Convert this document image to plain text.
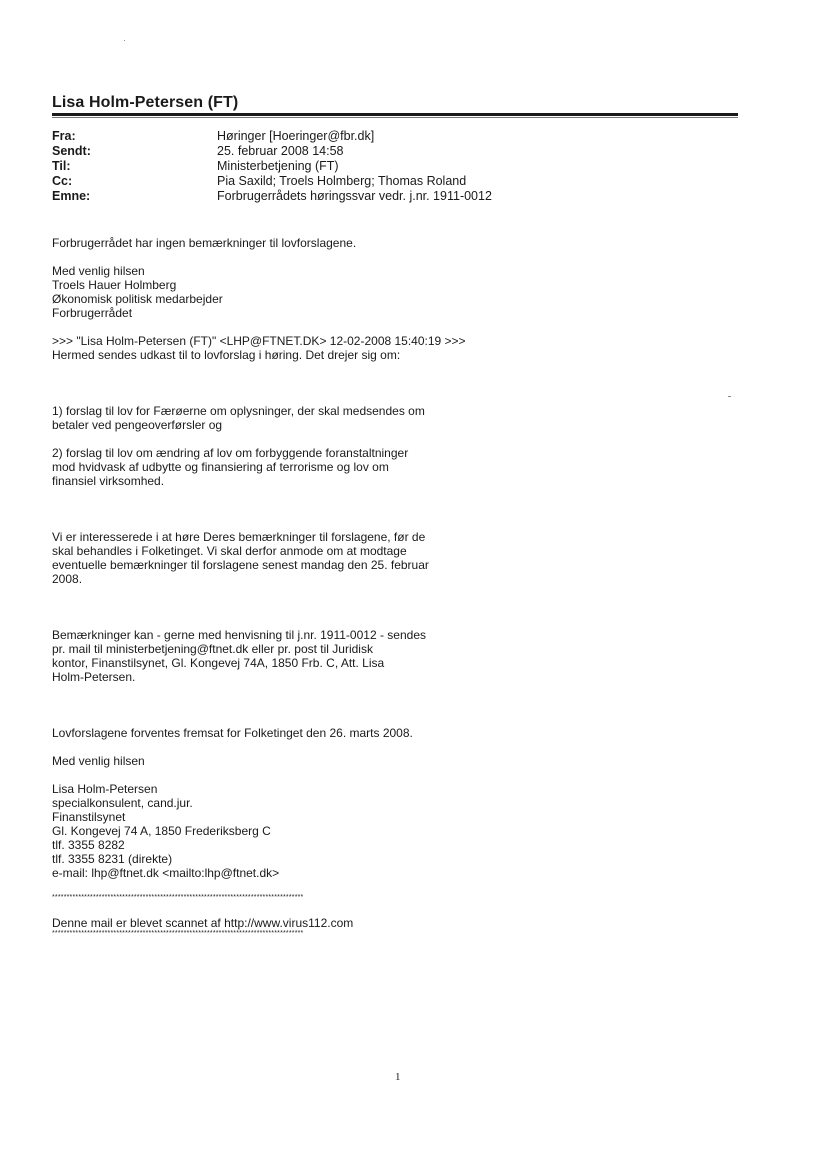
Lisa Holm-Petersen (FT)
Fra:	Høringer [Hoeringer@fbr.dk]
Sendt:	25. februar 2008 14:58
Til:	Ministerbetjening (FT)
Cc:	Pia Saxild; Troels Holmberg; Thomas Roland
Emne:	Forbrugerrådets høringssvar vedr. j.nr. 1911-0012

Forbrugerrådet har ingen bemærkninger til lovforslagene.

Med venlig hilsen
Troels Hauer Holmberg
Økonomisk politisk medarbejder
Forbrugerrådet

>>> "Lisa Holm-Petersen (FT)" <LHP@FTNET.DK> 12-02-2008 15:40:19 >>>
Hermed sendes udkast til to lovforslag i høring. Det drejer sig om:

1) forslag til lov for Færøerne om oplysninger, der skal medsendes om
betaler ved pengeoverførsler og

2) forslag til lov om ændring af lov om forbyggende foranstaltninger
mod hvidvask af udbytte og finansiering af terrorisme og lov om
finansiel virksomhed.

Vi er interesserede i at høre Deres bemærkninger til forslagene, før de
skal behandles i Folketinget. Vi skal derfor anmode om at modtage
eventuelle bemærkninger til forslagene senest mandag den 25. februar
2008.

Bemærkninger kan - gerne med henvisning til j.nr. 1911-0012 - sendes
pr. mail til ministerbetjening@ftnet.dk eller pr. post til Juridisk
kontor, Finanstilsynet, Gl. Kongevej 74A, 1850 Frb. C, Att. Lisa
Holm-Petersen.

Lovforslagene forventes fremsat for Folketinget den 26. marts 2008.

Med venlig hilsen

Lisa Holm-Petersen
specialkonsulent, cand.jur.
Finanstilsynet
Gl. Kongevej 74 A, 1850 Frederiksberg C
tlf. 3355 8282
tlf. 3355 8231 (direkte)
e-mail: lhp@ftnet.dk <mailto:lhp@ftnet.dk>

**************************************************************************************

Denne mail er blevet scannet af http://www.virus112.com

**************************************************************************************
1
